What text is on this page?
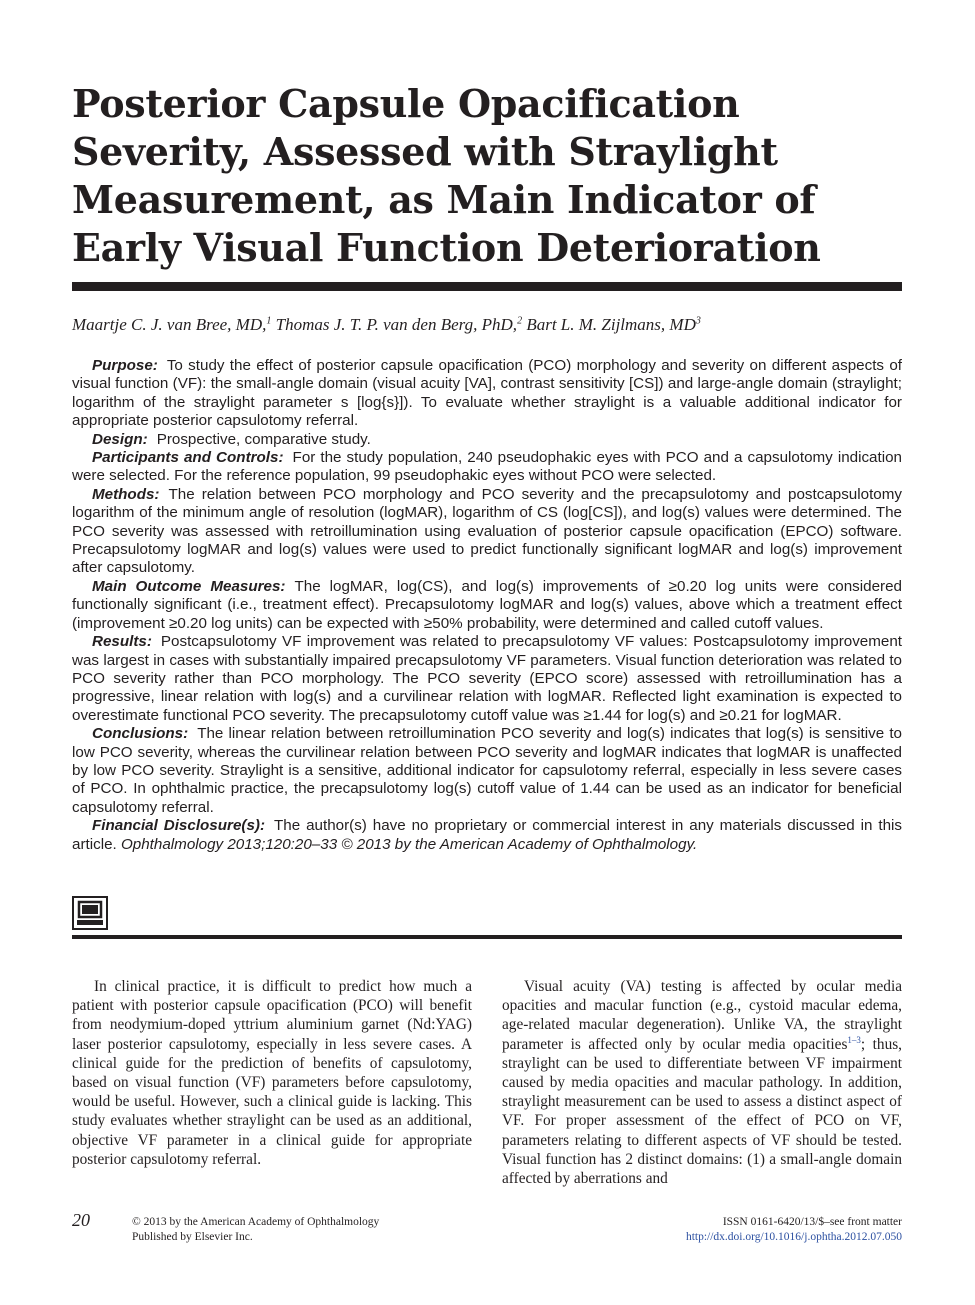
Posterior Capsule Opacification Severity, Assessed with Straylight Measurement, as Main Indicator of Early Visual Function Deterioration
Maartje C. J. van Bree, MD,$^1$ Thomas J. T. P. van den Berg, PhD,$^2$ Bart L. M. Zijlmans, $MD^3$

Purpose: To study the effect of posterior capsule opacification (PCO) morphology and severity on different aspects of visual function (VF): the small-angle domain (visual acuity [VA], contrast sensitivity [CS]) and large-angle domain (straylight; logarithm of the straylight parameter s [log{s}]). To evaluate whether straylight is a valuable additional indicator for appropriate posterior capsulotomy referral.

Design: Prospective, comparative study.

Participants and Controls: For the study population, 240 pseudophakic eyes with PCO and a capsulotomy indication were selected. For the reference population, 99 pseudophakic eyes without PCO were selected.

Methods: The relation between PCO morphology and PCO severity and the precapsulotomy and postcapsulotomy logarithm of the minimum angle of resolution (logMAR), logarithm of CS (log[CS]), and log(s) values were determined. The PCO severity was assessed with retroillumination using evaluation of posterior capsule opacification (EPCO) software. Precapsulotomy logMAR and log(s) values were used to predict functionally significant logMAR and log(s) improvement after capsulotomy.

Main Outcome Measures: The logMAR, log(CS), and log(s) improvements of ≥0.20 log units were considered functionally significant (i.e., treatment effect). Precapsulotomy logMAR and log(s) values, above which a treatment effect (improvement ≥0.20 log units) can be expected with ≥50% probability, were determined and called cutoff values.

Results: Postcapsulotomy VF improvement was related to precapsulotomy VF values: Postcapsulotomy improvement was largest in cases with substantially impaired precapsulotomy VF parameters. Visual function deterioration was related to PCO severity rather than PCO morphology. The PCO severity (EPCO score) assessed with retroillumination has a progressive, linear relation with log(s) and a curvilinear relation with logMAR. Reflected light examination is expected to overestimate functional PCO severity. The precapsulotomy cutoff value was ≥1.44 for log(s) and ≥0.21 for logMAR.

Conclusions: The linear relation between retroillumination PCO severity and log(s) indicates that log(s) is sensitive to low PCO severity, whereas the curvilinear relation between PCO severity and logMAR indicates that logMAR is unaffected by low PCO severity. Straylight is a sensitive, additional indicator for capsulotomy referral, especially in less severe cases of PCO. In ophthalmic practice, the precapsulotomy log(s) cutoff value of 1.44 can be used as an indicator for beneficial capsulotomy referral.

Financial Disclosure(s): The author(s) have no proprietary or commercial interest in any materials discussed in this article. Ophthalmology 2013;120:20–33 © 2013 by the American Academy of Ophthalmology.

In clinical practice, it is difficult to predict how much a patient with posterior capsule opacification (PCO) will benefit from neodymium-doped yttrium aluminium garnet (Nd:YAG) laser posterior capsulotomy, especially in less severe cases. A clinical guide for the prediction of benefits of capsulotomy, based on visual function (VF) parameters before capsulotomy, would be useful. However, such a clinical guide is lacking. This study evaluates whether straylight can be used as an additional, objective VF parameter in a clinical guide for appropriate posterior capsulotomy referral.

Visual acuity (VA) testing is affected by ocular media opacities and macular function (e.g., cystoid macular edema, age-related macular degeneration). Unlike VA, the straylight parameter is affected only by ocular media opacities$^{1-3}$; thus, straylight can be used to differentiate between VF impairment caused by media opacities and macular pathology. In addition, straylight measurement can be used to assess a distinct aspect of VF. For proper assessment of the effect of PCO on VF, parameters relating to different aspects of VF should be tested. Visual function has 2 distinct domains: (1) a small-angle domain affected by aberrations and

20	© 2013 by the American Academy of Ophthalmology
Published by Elsevier Inc.
ISSN 0161-6420/13/$–see front matter
http://dx.doi.org/10.1016/j.ophtha.2012.07.050
